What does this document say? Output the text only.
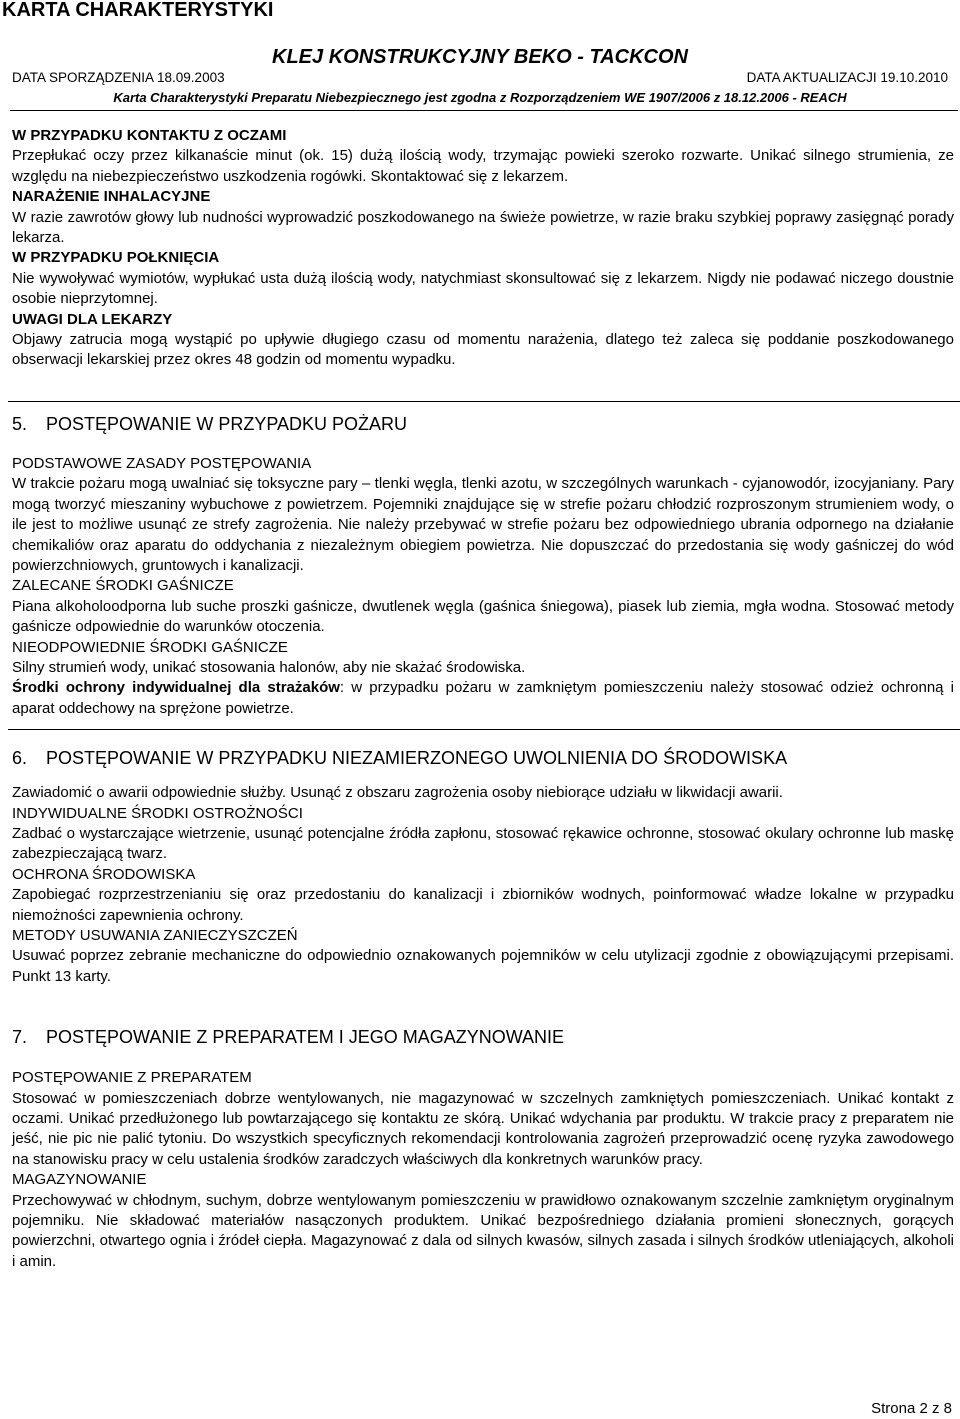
KARTA CHARAKTERYSTYKI
KLEJ KONSTRUKCYJNY BEKO - TACKCON
DATA SPORZĄDZENIA 18.09.2003	DATA AKTUALIZACJI 19.10.2010
Karta Charakterystyki Preparatu Niebezpiecznego jest zgodna z Rozporządzeniem WE 1907/2006 z 18.12.2006 - REACH
W PRZYPADKU KONTAKTU Z OCZAMI

Przepłukać oczy przez kilkanaście minut (ok. 15) dużą ilością wody, trzymając powieki szeroko rozwarte. Unikać silnego strumienia, ze względu na niebezpieczeństwo uszkodzenia rogówki. Skontaktować się z lekarzem.

NARAŻENIE INHALACYJNE

W razie zawrotów głowy lub nudności wyprowadzić poszkodowanego na świeże powietrze, w razie braku szybkiej poprawy zasięgnąć porady lekarza.

W PRZYPADKU POŁKNIĘCIA

Nie wywoływać wymiotów, wypłukać usta dużą ilością wody, natychmiast skonsultować się z lekarzem. Nigdy nie podawać niczego doustnie osobie nieprzytomnej.

UWAGI DLA LEKARZY

Objawy zatrucia mogą wystąpić po upływie długiego czasu od momentu narażenia, dlatego też zaleca się poddanie poszkodowanego obserwacji lekarskiej przez okres 48 godzin od momentu wypadku.

5. POSTĘPOWANIE W PRZYPADKU POŻARU
PODSTAWOWE ZASADY POSTĘPOWANIA

W trakcie pożaru mogą uwalniać się toksyczne pary – tlenki węgla, tlenki azotu, w szczególnych warunkach - cyjanowodór, izocyjaniany. Pary mogą tworzyć mieszaniny wybuchowe z powietrzem. Pojemniki znajdujące się w strefie pożaru chłodzić rozproszonym strumieniem wody, o ile jest to możliwe usunąć ze strefy zagrożenia. Nie należy przebywać w strefie pożaru bez odpowiedniego ubrania odpornego na działanie chemikaliów oraz aparatu do oddychania z niezależnym obiegiem powietrza. Nie dopuszczać do przedostania się wody gaśniczej do wód powierzchniowych, gruntowych i kanalizacji.

ZALECANE ŚRODKI GAŚNICZE

Piana alkoholoodporna lub suche proszki gaśnicze, dwutlenek węgla (gaśnica śniegowa), piasek lub ziemia, mgła wodna. Stosować metody gaśnicze odpowiednie do warunków otoczenia.

NIEODPOWIEDNIE ŚRODKI GAŚNICZE

Silny strumień wody, unikać stosowania halonów, aby nie skażać środowiska.

Środki ochrony indywidualnej dla strażaków: w przypadku pożaru w zamkniętym pomieszczeniu należy stosować odzież ochronną i aparat oddechowy na sprężone powietrze.

6. POSTĘPOWANIE W PRZYPADKU NIEZAMIERZONEGO UWOLNIENIA DO ŚRODOWISKA

Zawiadomić o awarii odpowiednie służby. Usunąć z obszaru zagrożenia osoby niebiorące udziału w likwidacji awarii.

INDYWIDUALNE ŚRODKI OSTROŻNOŚCI

Zadbać o wystarczające wietrzenie, usunąć potencjalne źródła zapłonu, stosować rękawice ochronne, stosować okulary ochronne lub maskę zabezpieczającą twarz.

OCHRONA ŚRODOWISKA

Zapobiegać rozprzestrzenianiu się oraz przedostaniu do kanalizacji i zbiorników wodnych, poinformować władze lokalne w przypadku niemożności zapewnienia ochrony.

METODY USUWANIA ZANIECZYSZCZEŃ

Usuwać poprzez zebranie mechaniczne do odpowiednio oznakowanych pojemników w celu utylizacji zgodnie z obowiązującymi przepisami. Punkt 13 karty.

7. POSTĘPOWANIE Z PREPARATEM I JEGO MAGAZYNOWANIE
POSTĘPOWANIE Z PREPARATEM

Stosować w pomieszczeniach dobrze wentylowanych, nie magazynować w szczelnych zamkniętych pomieszczeniach. Unikać kontakt z oczami. Unikać przedłużonego lub powtarzającego się kontaktu ze skórą. Unikać wdychania par produktu. W trakcie pracy z preparatem nie jeść, nie pic nie palić tytoniu. Do wszystkich specyficznych rekomendacji kontrolowania zagrożeń przeprowadzić ocenę ryzyka zawodowego na stanowisku pracy w celu ustalenia środków zaradczych właściwych dla konkretnych warunków pracy.

MAGAZYNOWANIE

Przechowywać w chłodnym, suchym, dobrze wentylowanym pomieszczeniu w prawidłowo oznakowanym szczelnie zamkniętym oryginalnym pojemniku. Nie składować materiałów nasączonych produktem. Unikać bezpośredniego działania promieni słonecznych, gorących powierzchni, otwartego ognia i źródeł ciepła. Magazynować z dala od silnych kwasów, silnych zasada i silnych środków utleniających, alkoholi i amin.

Strona 2 z 8
